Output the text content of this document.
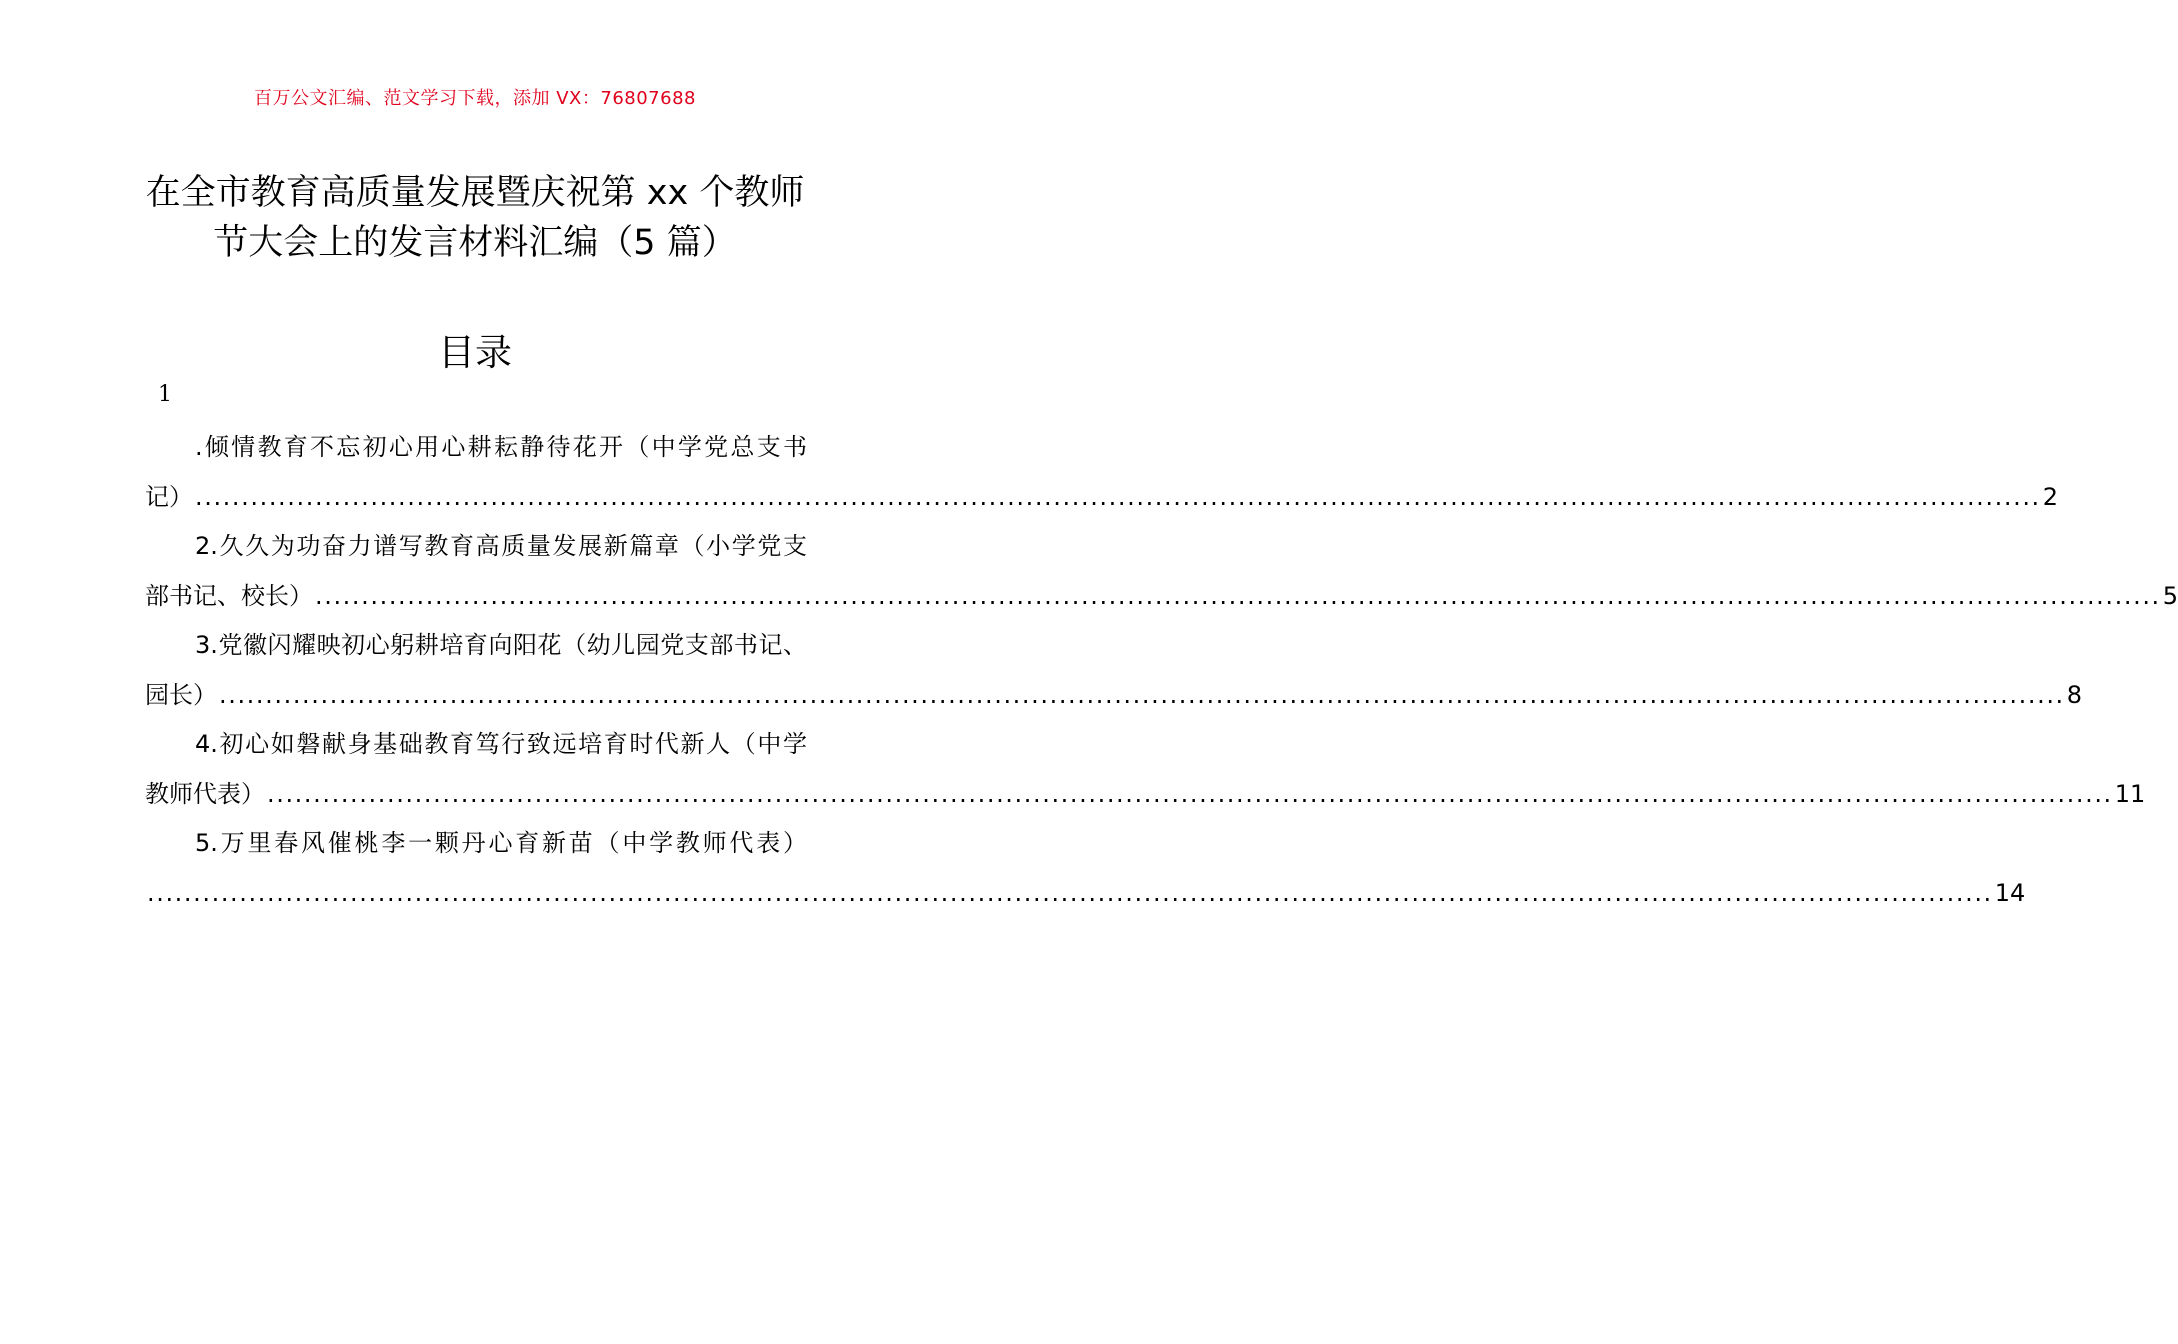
百万公文汇编、范文学习下载，添加 VX：76807688
在全市教育高质量发展暨庆祝第 xx 个教师
节大会上的发言材料汇编（5 篇）
目录
1
.倾情教育不忘初心用心耕耘静待花开（中学党总支书
记） ........................................................................................................................................................................................................ 2
2.久久为功奋力谱写教育高质量发展新篇章（小学党支
部书记、校长） ........................................................................................................................................................................................................ 5
3.党徽闪耀映初心躬耕培育向阳花（幼儿园党支部书记、
园长） ........................................................................................................................................................................................................ 8
4.初心如磐献身基础教育笃行致远培育时代新人（中学
教师代表） ........................................................................................................................................................................................................ 11
5.万里春风催桃李一颗丹心育新苗（中学教师代表）
........................................................................................................................................................................................................ 14
